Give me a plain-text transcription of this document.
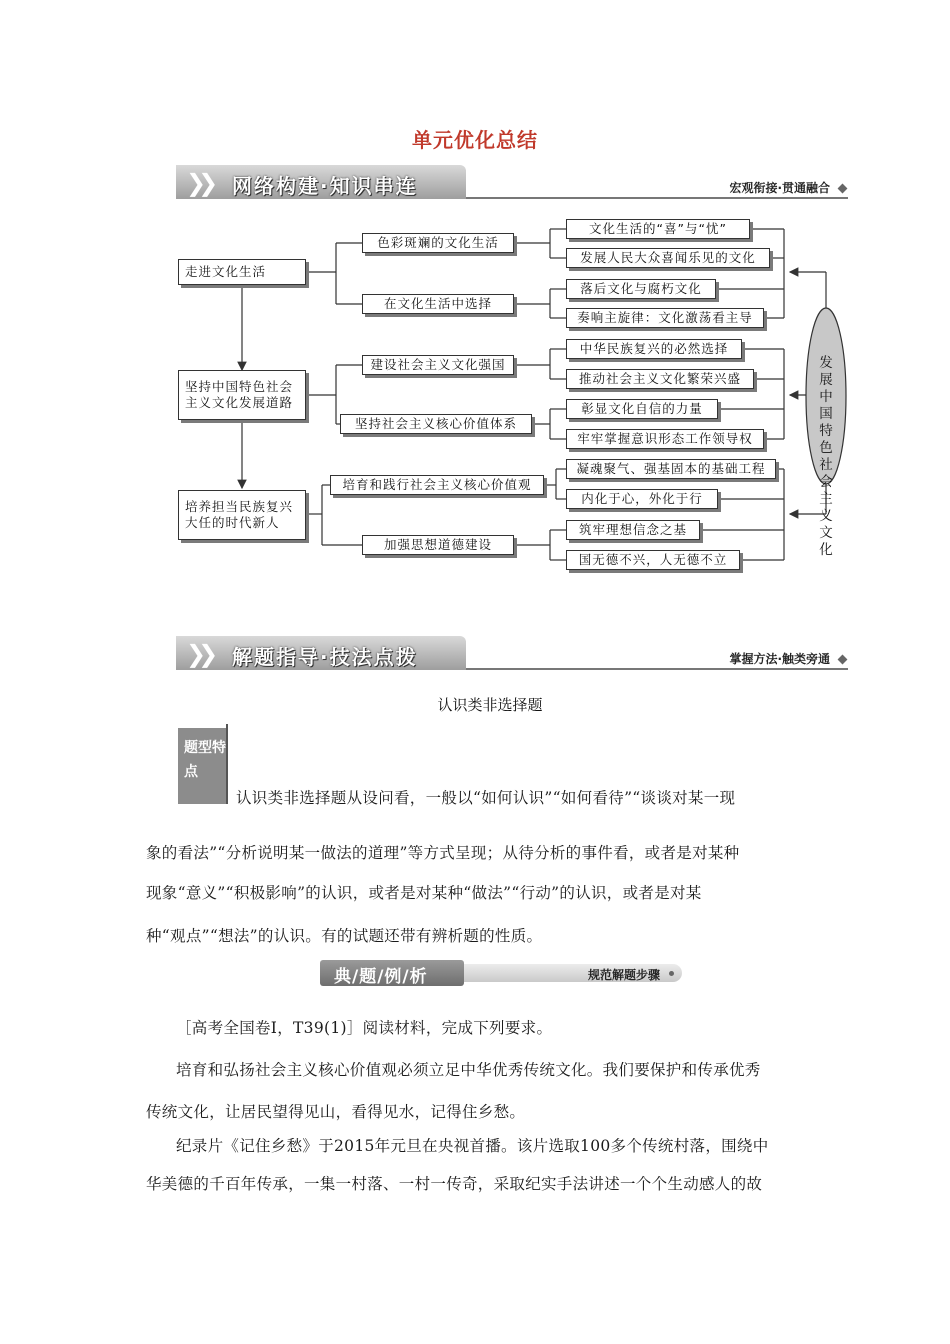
单元优化总结
❯❯ 网络构建·知识串连	宏观衔接·贯通融合
走进文化生活
坚持中国特色社会主义文化发展道路
培养担当民族复兴大任的时代新人
色彩斑斓的文化生活
在文化生活中选择
建设社会主义文化强国
坚持社会主义核心价值体系
培育和践行社会主义核心价值观
加强思想道德建设
文化生活的“喜”与“忧”
发展人民大众喜闻乐见的文化
落后文化与腐朽文化
奏响主旋律：文化激荡看主导
中华民族复兴的必然选择
推动社会主义文化繁荣兴盛
彰显文化自信的力量
牢牢掌握意识形态工作领导权
凝魂聚气、强基固本的基础工程
内化于心，外化于行
筑牢理想信念之基
国无德不兴，人无德不立
发展中国特色社会主义文化
❯❯ 解题指导·技法点拨	掌握方法·触类旁通
认识类非选择题
题型特点
认识类非选择题从设问看，一般以“如何认识”“如何看待”“谈谈对某一现
象的看法”“分析说明某一做法的道理”等方式呈现；从待分析的事件看，或者是对某种
现象“意义”“积极影响”的认识，或者是对某种“做法”“行动”的认识，或者是对某
种“观点”“想法”的认识。有的试题还带有辨析题的性质。
典/题/例/析	规范解题步骤
［高考全国卷Ⅰ，T39(1)］阅读材料，完成下列要求。
培育和弘扬社会主义核心价值观必须立足中华优秀传统文化。我们要保护和传承优秀
传统文化，让居民望得见山，看得见水，记得住乡愁。
纪录片《记住乡愁》于2015年元旦在央视首播。该片选取100多个传统村落，围绕中
华美德的千百年传承，一集一村落、一村一传奇，采取纪实手法讲述一个个生动感人的故
